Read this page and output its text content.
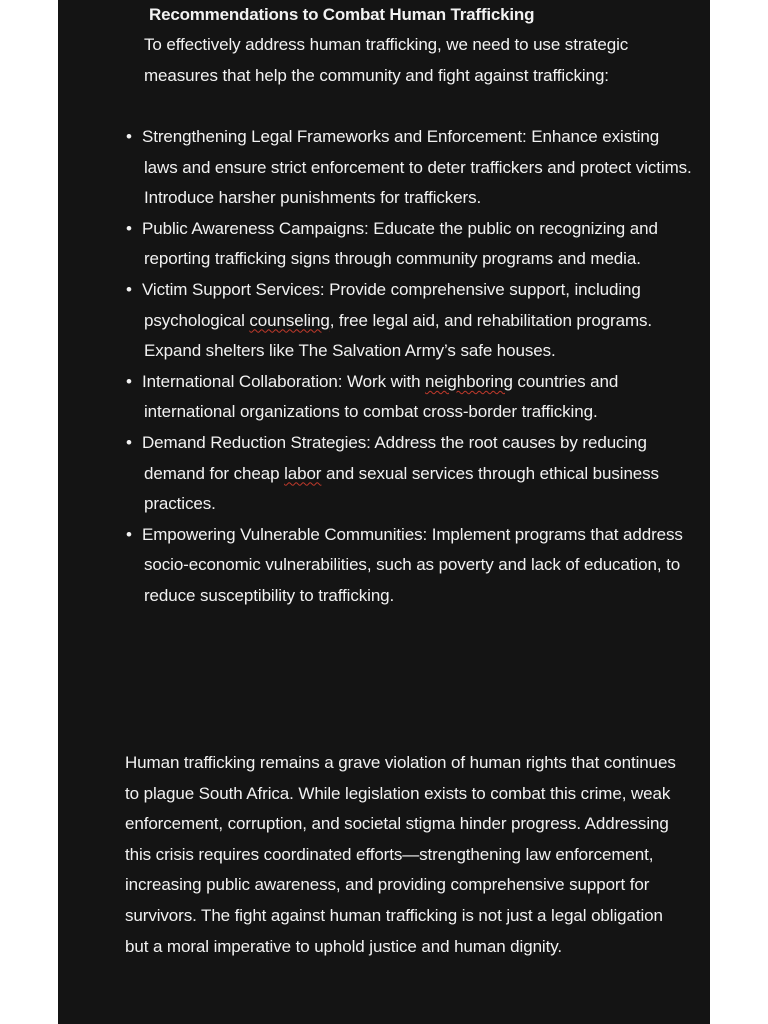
Recommendations to Combat Human Trafficking

To effectively address human trafficking, we need to use strategic measures that help the community and fight against trafficking:

• Strengthening Legal Frameworks and Enforcement: Enhance existing laws and ensure strict enforcement to deter traffickers and protect victims. Introduce harsher punishments for traffickers.
• Public Awareness Campaigns: Educate the public on recognizing and reporting trafficking signs through community programs and media.
• Victim Support Services: Provide comprehensive support, including psychological counseling, free legal aid, and rehabilitation programs. Expand shelters like The Salvation Army’s safe houses.
• International Collaboration: Work with neighboring countries and international organizations to combat cross-border trafficking.
• Demand Reduction Strategies: Address the root causes by reducing demand for cheap labor and sexual services through ethical business practices.
• Empowering Vulnerable Communities: Implement programs that address socio-economic vulnerabilities, such as poverty and lack of education, to reduce susceptibility to trafficking.

Human trafficking remains a grave violation of human rights that continues to plague South Africa. While legislation exists to combat this crime, weak enforcement, corruption, and societal stigma hinder progress. Addressing this crisis requires coordinated efforts—strengthening law enforcement, increasing public awareness, and providing comprehensive support for survivors. The fight against human trafficking is not just a legal obligation but a moral imperative to uphold justice and human dignity.
